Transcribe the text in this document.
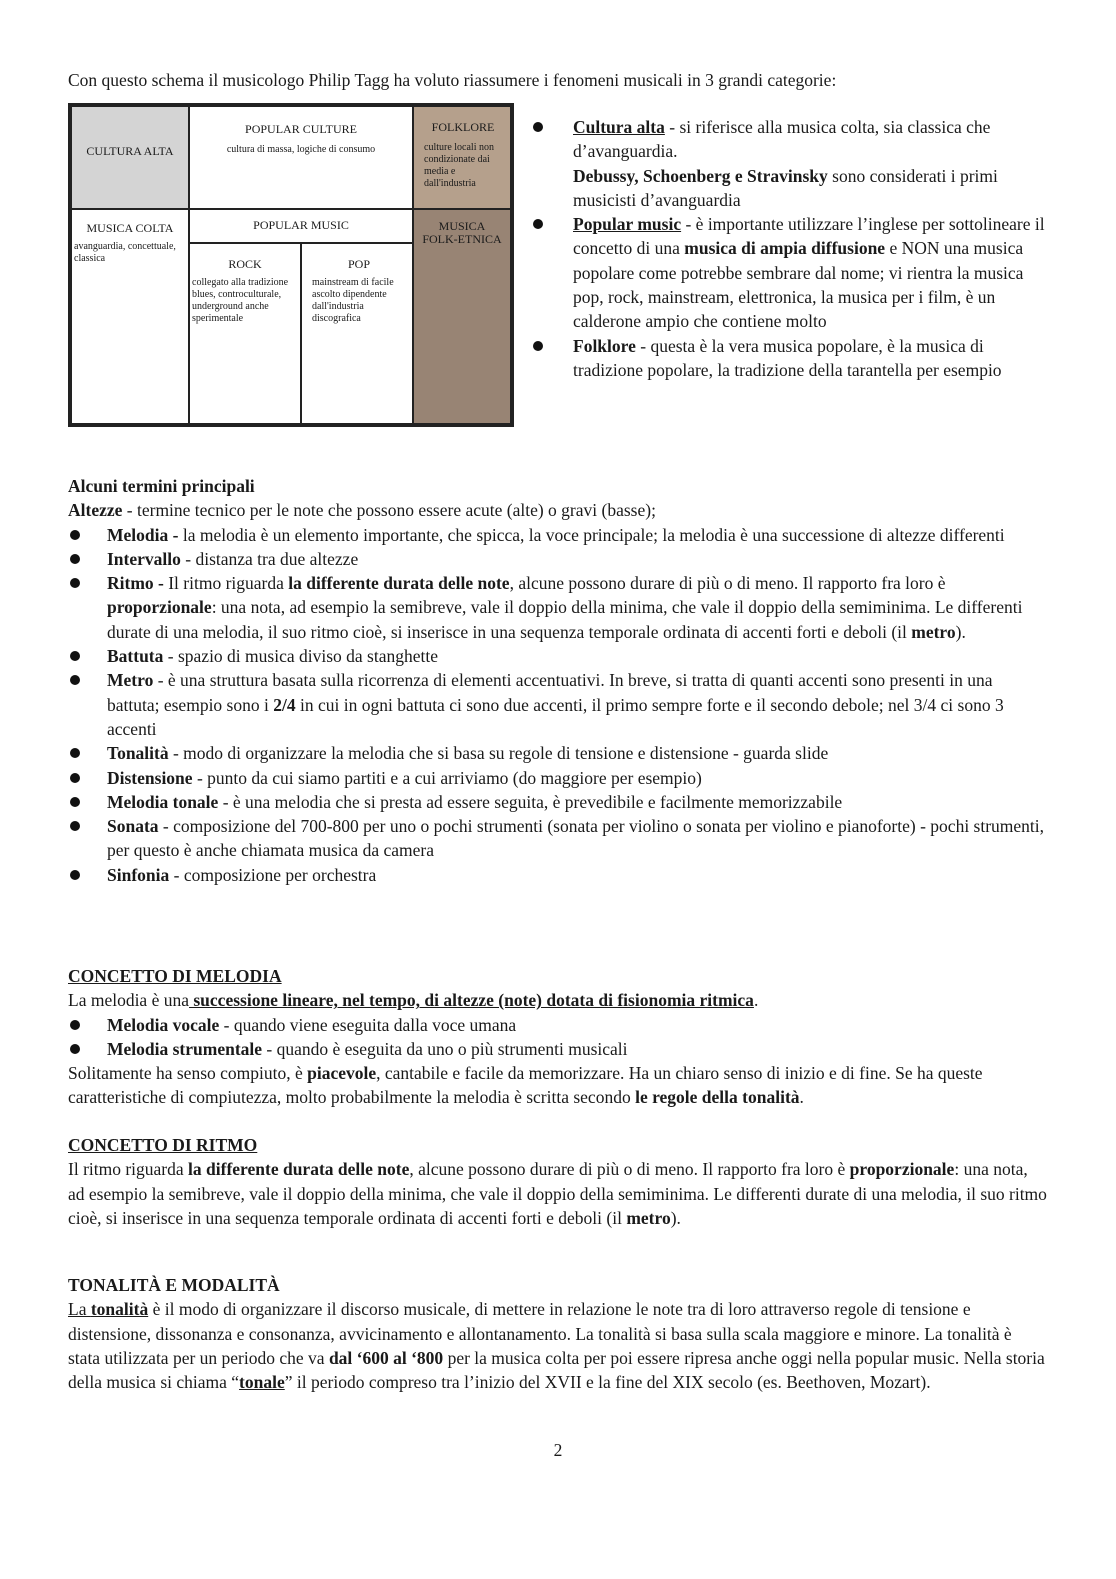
Con questo schema il musicologo Philip Tagg ha voluto riassumere i fenomeni musicali in 3 grandi categorie:

CULTURA ALTA
POPULAR CULTURE
cultura di massa, logiche di consumo
FOLKLORE
culture locali non condizionate dai media e dall'industria
MUSICA COLTA
avanguardia, concettuale, classica
POPULAR MUSIC
ROCK
collegato alla tradizione blues, controculturale, underground anche sperimentale
POP
mainstream di facile ascolto dipendente dall'industria discografica
MUSICA FOLK-ETNICA
Cultura alta - si riferisce alla musica colta, sia classica che d’avanguardia.
Debussy, Schoenberg e Stravinsky sono considerati i primi musicisti d’avanguardia
Popular music - è importante utilizzare l’inglese per sottolineare il concetto di una musica di ampia diffusione e NON una musica popolare come potrebbe sembrare dal nome; vi rientra la musica pop, rock, mainstream, elettronica, la musica per i film, è un calderone ampio che contiene molto
Folklore - questa è la vera musica popolare, è la musica di tradizione popolare, la tradizione della tarantella per esempio

Alcuni termini principali

Altezze - termine tecnico per le note che possono essere acute (alte) o gravi (basse);

Melodia - la melodia è un elemento importante, che spicca, la voce principale; la melodia è una successione di altezze differenti
Intervallo - distanza tra due altezze
Ritmo - Il ritmo riguarda la differente durata delle note, alcune possono durare di più o di meno. Il rapporto fra loro è proporzionale: una nota, ad esempio la semibreve, vale il doppio della minima, che vale il doppio della semiminima. Le differenti durate di una melodia, il suo ritmo cioè, si inserisce in una sequenza temporale ordinata di accenti forti e deboli (il metro).
Battuta - spazio di musica diviso da stanghette
Metro - è una struttura basata sulla ricorrenza di elementi accentuativi. In breve, si tratta di quanti accenti sono presenti in una battuta; esempio sono i 2/4 in cui in ogni battuta ci sono due accenti, il primo sempre forte e il secondo debole; nel 3/4 ci sono 3 accenti
Tonalità - modo di organizzare la melodia che si basa su regole di tensione e distensione - guarda slide
Distensione - punto da cui siamo partiti e a cui arriviamo (do maggiore per esempio)
Melodia tonale - è una melodia che si presta ad essere seguita, è prevedibile e facilmente memorizzabile
Sonata - composizione del 700-800 per uno o pochi strumenti (sonata per violino o sonata per violino e pianoforte) - pochi strumenti, per questo è anche chiamata musica da camera
Sinfonia - composizione per orchestra

CONCETTO DI MELODIA

La melodia è una successione lineare, nel tempo, di altezze (note) dotata di fisionomia ritmica.

Melodia vocale - quando viene eseguita dalla voce umana
Melodia strumentale - quando è eseguita da uno o più strumenti musicali

Solitamente ha senso compiuto, è piacevole, cantabile e facile da memorizzare. Ha un chiaro senso di inizio e di fine. Se ha queste caratteristiche di compiutezza, molto probabilmente la melodia è scritta secondo le regole della tonalità.

CONCETTO DI RITMO

Il ritmo riguarda la differente durata delle note, alcune possono durare di più o di meno. Il rapporto fra loro è proporzionale: una nota, ad esempio la semibreve, vale il doppio della minima, che vale il doppio della semiminima. Le differenti durate di una melodia, il suo ritmo cioè, si inserisce in una sequenza temporale ordinata di accenti forti e deboli (il metro).

TONALITÀ E MODALITÀ

La tonalità è il modo di organizzare il discorso musicale, di mettere in relazione le note tra di loro attraverso regole di tensione e distensione, dissonanza e consonanza, avvicinamento e allontanamento. La tonalità si basa sulla scala maggiore e minore. La tonalità è stata utilizzata per un periodo che va dal ‘600 al ‘800 per la musica colta per poi essere ripresa anche oggi nella popular music. Nella storia della musica si chiama “tonale” il periodo compreso tra l’inizio del XVII e la fine del XIX secolo (es. Beethoven, Mozart).

2
